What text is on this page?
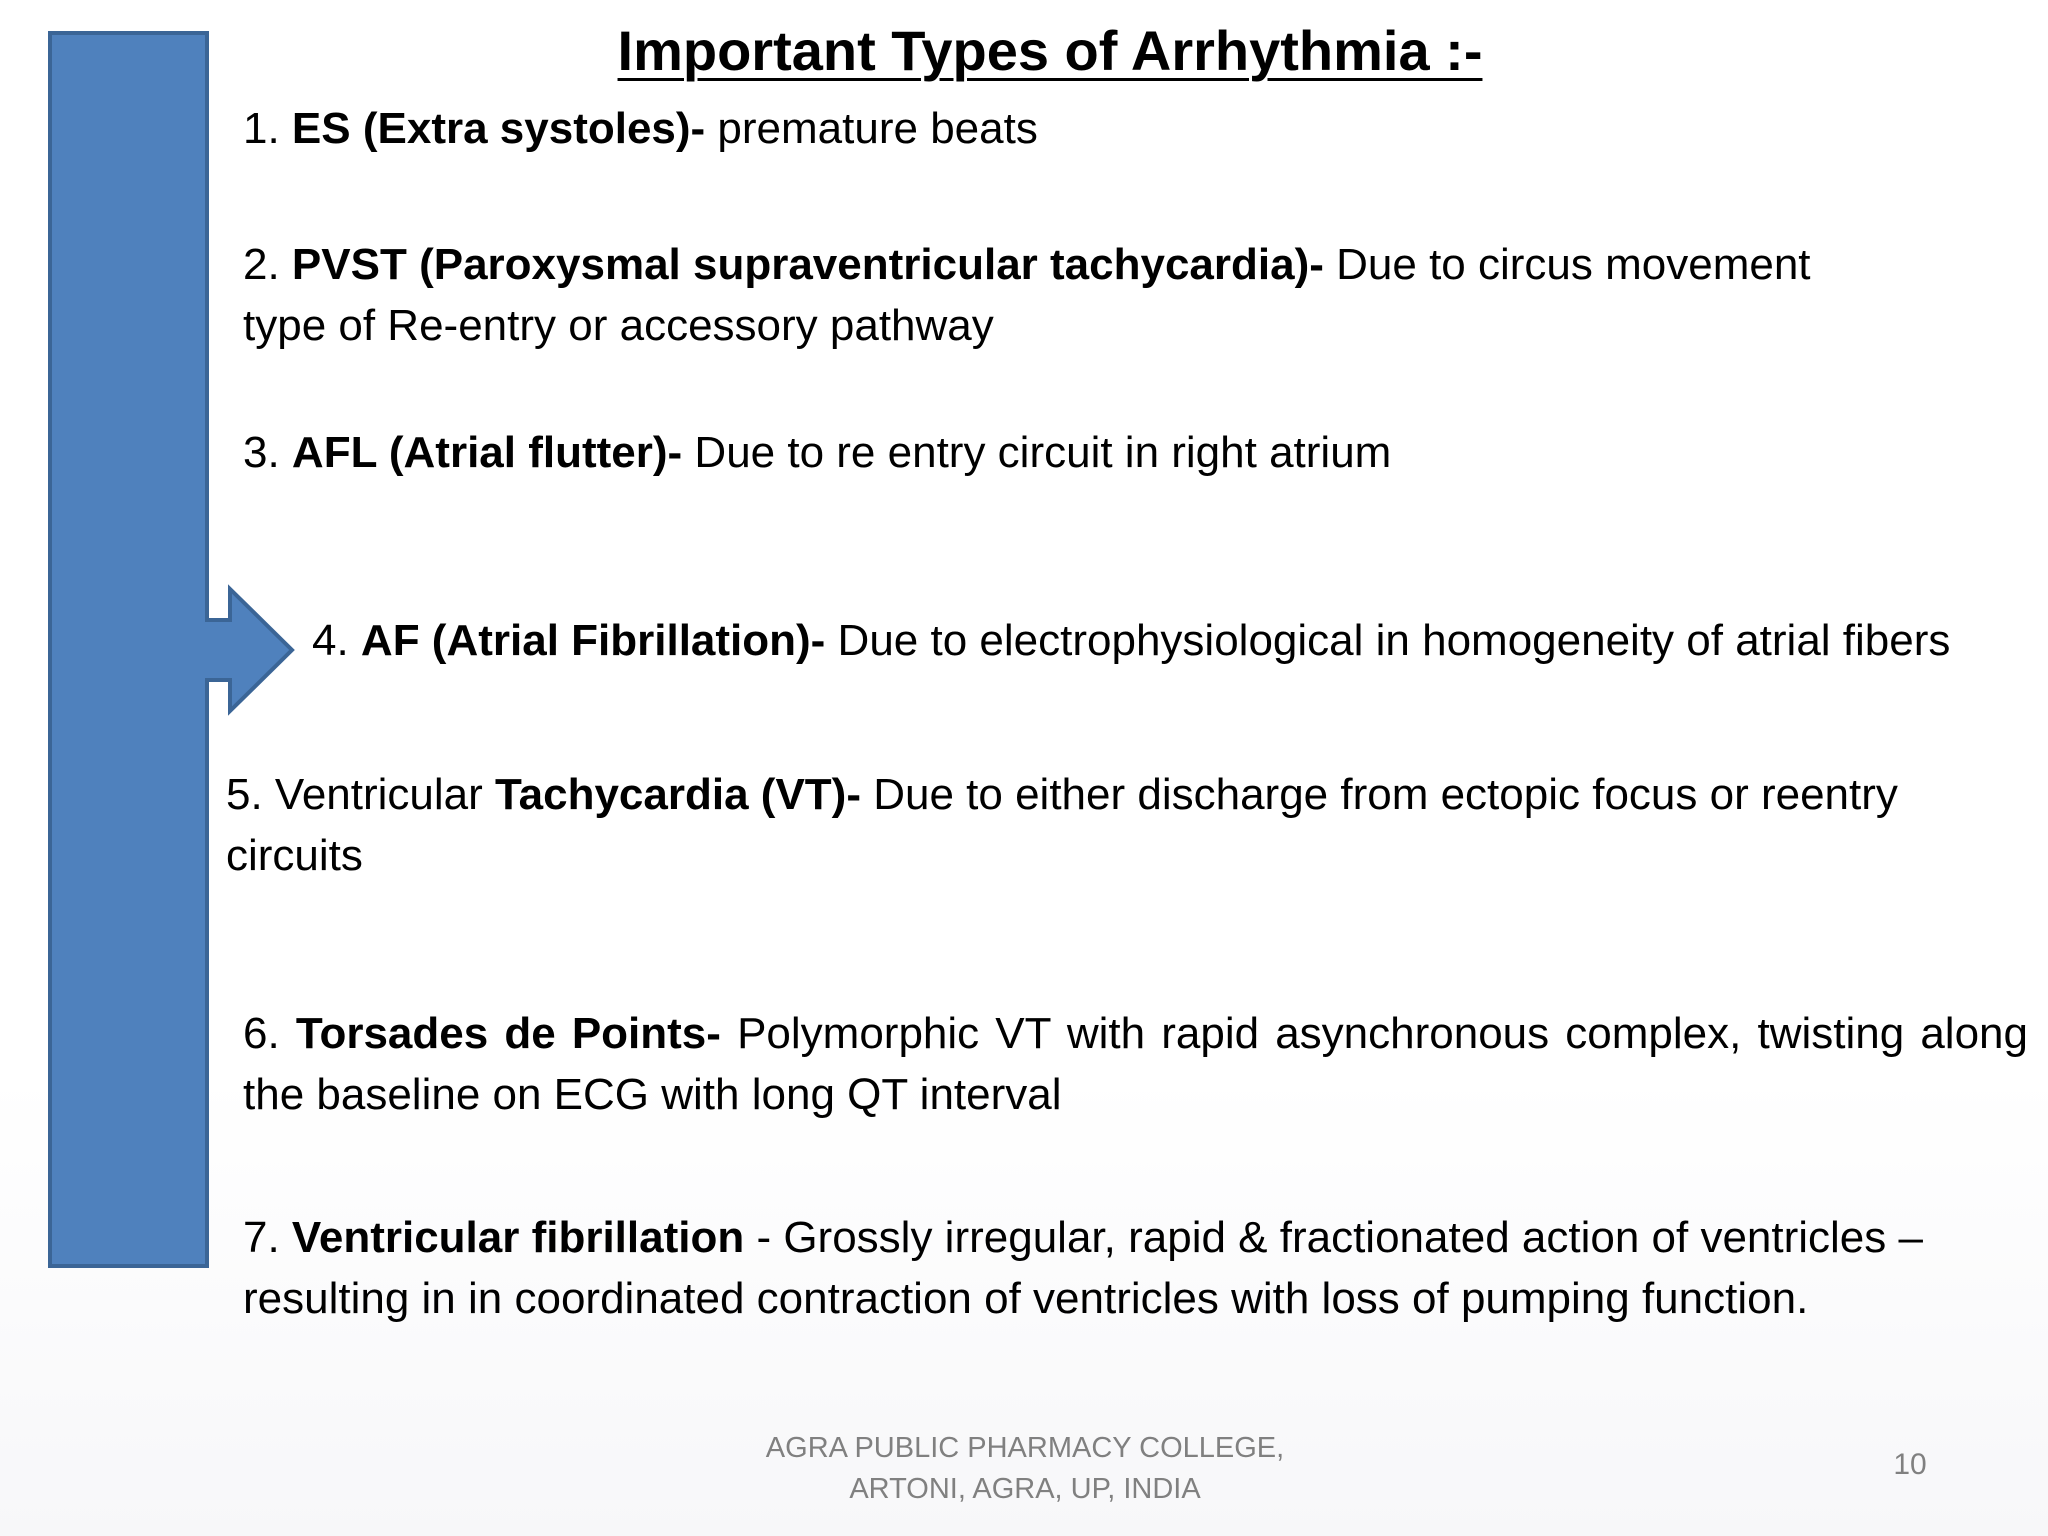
Important Types of Arrhythmia :-

1. ES (Extra systoles)- premature beats

2. PVST (Paroxysmal supraventricular tachycardia)- Due to circus movement type of Re-entry or accessory pathway

3. AFL (Atrial flutter)- Due to re entry circuit in right atrium

4. AF (Atrial Fibrillation)- Due to electrophysiological in homogeneity of atrial fibers

5. Ventricular Tachycardia (VT)- Due to either discharge from ectopic focus or reentry circuits

6. Torsades de Points- Polymorphic VT with rapid asynchronous complex, twisting along the baseline on ECG with long QT interval

7. Ventricular fibrillation - Grossly irregular, rapid & fractionated action of ventricles – resulting in in coordinated contraction of ventricles with loss of pumping function.

AGRA PUBLIC PHARMACY COLLEGE,
ARTONI, AGRA, UP, INDIA
10
